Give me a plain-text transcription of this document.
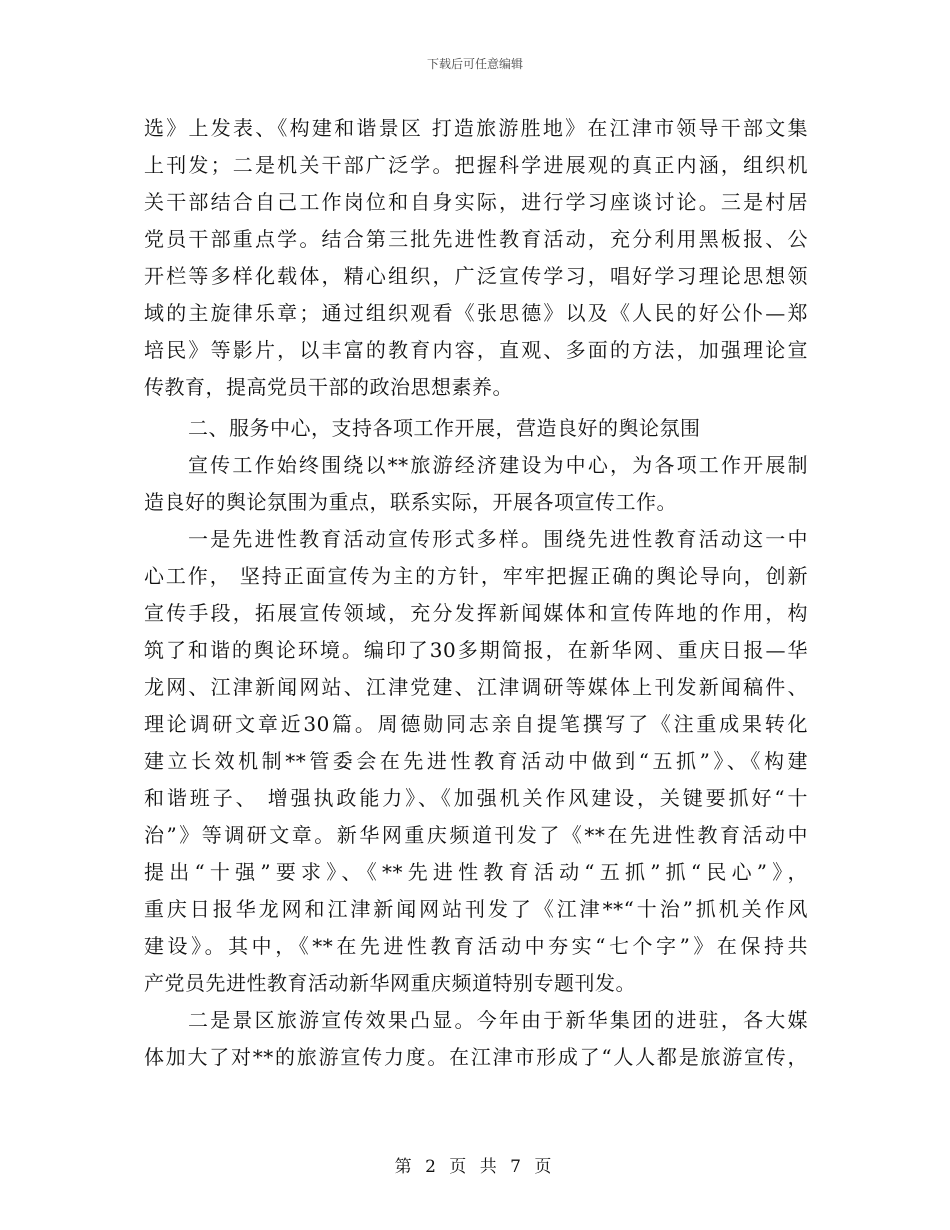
下载后可任意编辑
选》上发表、《构建和谐景区 打造旅游胜地》在江津市领导干部文集
上刊发；二是机关干部广泛学。把握科学进展观的真正内涵，组织机
关干部结合自己工作岗位和自身实际，进行学习座谈讨论。三是村居
党员干部重点学。结合第三批先进性教育活动，充分利用黑板报、公
开栏等多样化载体，精心组织，广泛宣传学习，唱好学习理论思想领
域的主旋律乐章；通过组织观看《张思德》以及《人民的好公仆—郑
培民》等影片，以丰富的教育内容，直观、多面的方法，加强理论宣
传教育，提高党员干部的政治思想素养。
二、服务中心，支持各项工作开展，营造良好的舆论氛围
宣传工作始终围绕以**旅游经济建设为中心，为各项工作开展制
造良好的舆论氛围为重点，联系实际，开展各项宣传工作。
一是先进性教育活动宣传形式多样。围绕先进性教育活动这一中
心工作， 坚持正面宣传为主的方针，牢牢把握正确的舆论导向，创新
宣传手段，拓展宣传领域，充分发挥新闻媒体和宣传阵地的作用，构
筑了和谐的舆论环境。编印了30多期简报，在新华网、重庆日报—华
龙网、江津新闻网站、江津党建、江津调研等媒体上刊发新闻稿件、
理论调研文章近30篇。周德勋同志亲自提笔撰写了《注重成果转化
建立长效机制**管委会在先进性教育活动中做到“五抓”》、《构建
和谐班子、 增强执政能力》、《加强机关作风建设，关键要抓好“十
治”》等调研文章。新华网重庆频道刊发了《**在先进性教育活动中
提出“十强”要求》、《**先进性教育活动“五抓”抓“民心”》，
重庆日报华龙网和江津新闻网站刊发了《江津**“十治”抓机关作风
建设》。其中，《**在先进性教育活动中夯实“七个字”》在保持共
产党员先进性教育活动新华网重庆频道特别专题刊发。
二是景区旅游宣传效果凸显。今年由于新华集团的进驻，各大媒
体加大了对**的旅游宣传力度。在江津市形成了“人人都是旅游宣传，
第 2 页 共 7 页
